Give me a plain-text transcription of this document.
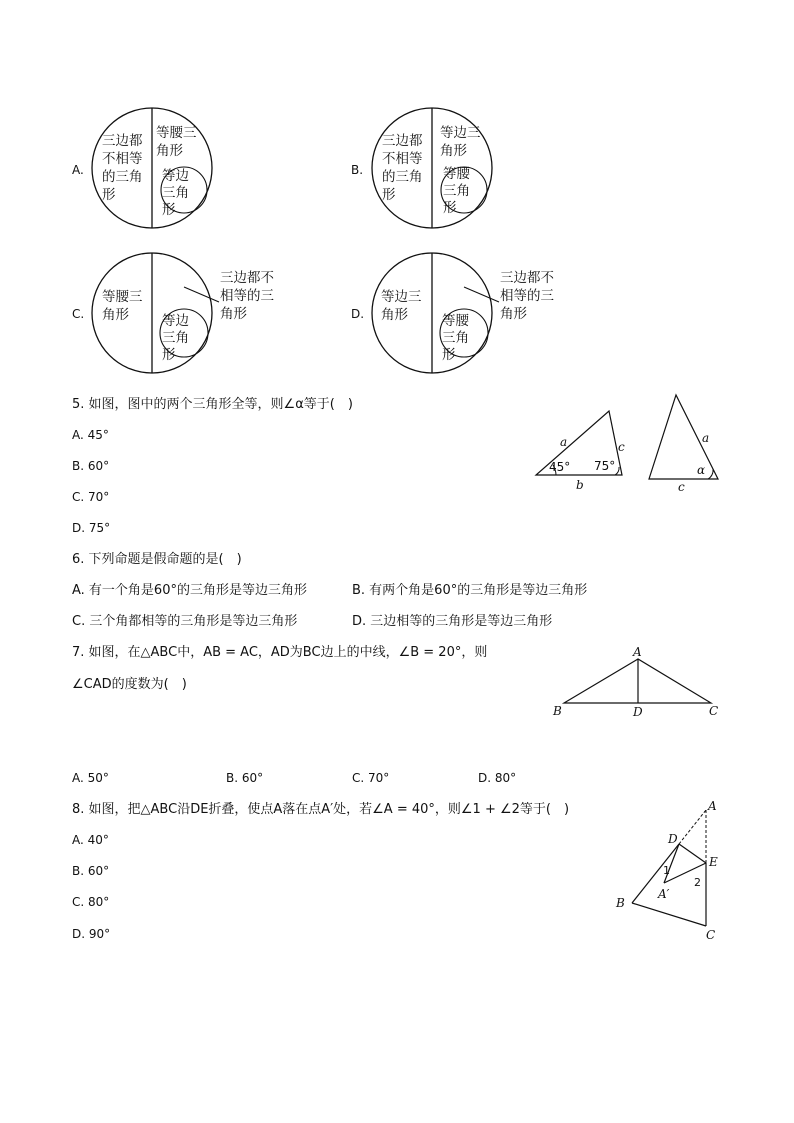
A.
三边都不相等的三角形
等腰三角形
等边三角形
B.
三边都不相等的三角形
等边三角形
等腰三角形
C.
等腰三角形	等边三角形
三边都不相等的三角形	D.
等边三角形	等腰三角形
三边都不相等的三角形
5. 如图，图中的两个三角形全等，则∠α等于(　)
A. 45°
B. 60°
C. 70°
D. 75°
a	c
45° 75°
b
a
α
c
6. 下列命题是假命题的是(　)
A. 有一个角是60°的三角形是等边三角形	B. 有两个角是60°的三角形是等边三角形
C. 三个角都相等的三角形是等边三角形	D. 三边相等的三角形是等边三角形
7. 如图，在△ABC中，AB = AC，AD为BC边上的中线，∠B = 20°，则
∠CAD的度数为(　)
A
B	D	C
A. 50°	B. 60°	C. 70°	D. 80°
8. 如图，把△ABC沿DE折叠，使点A落在点A′处，若∠A = 40°，则∠1 + ∠2等于(　)
A. 40°
B. 60°
C. 80°
D. 90°
A
D
E
1
2
A′
B
C
